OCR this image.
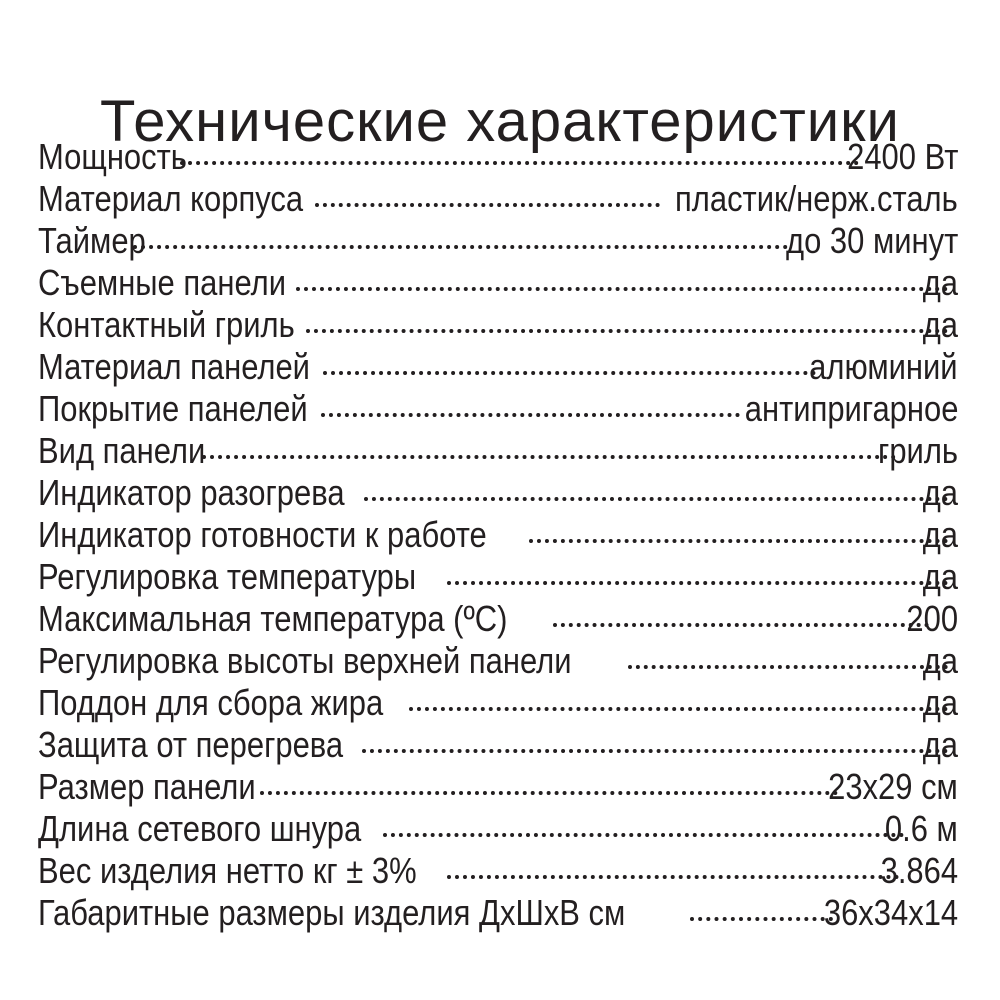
Технические характеристики
Мощность	2400 Вт
Материал корпуса	пластик/нерж.сталь
Таймер	до 30 минут
Съемные панели	да
Контактный гриль	да
Материал панелей	алюминий
Покрытие панелей	антипригарное
Вид панели	гриль
Индикатор разогрева	да
Индикатор готовности к работе	да
Регулировка температуры	да
Максимальная температура (ºC)	200
Регулировка высоты верхней панели	да
Поддон для сбора жира	да
Защита от перегрева	да
Размер панели	23x29 см
Длина сетевого шнура	0.6 м
Вес изделия нетто кг ± 3%	3.864
Габаритные размеры изделия ДхШхВ см	36x34x14
